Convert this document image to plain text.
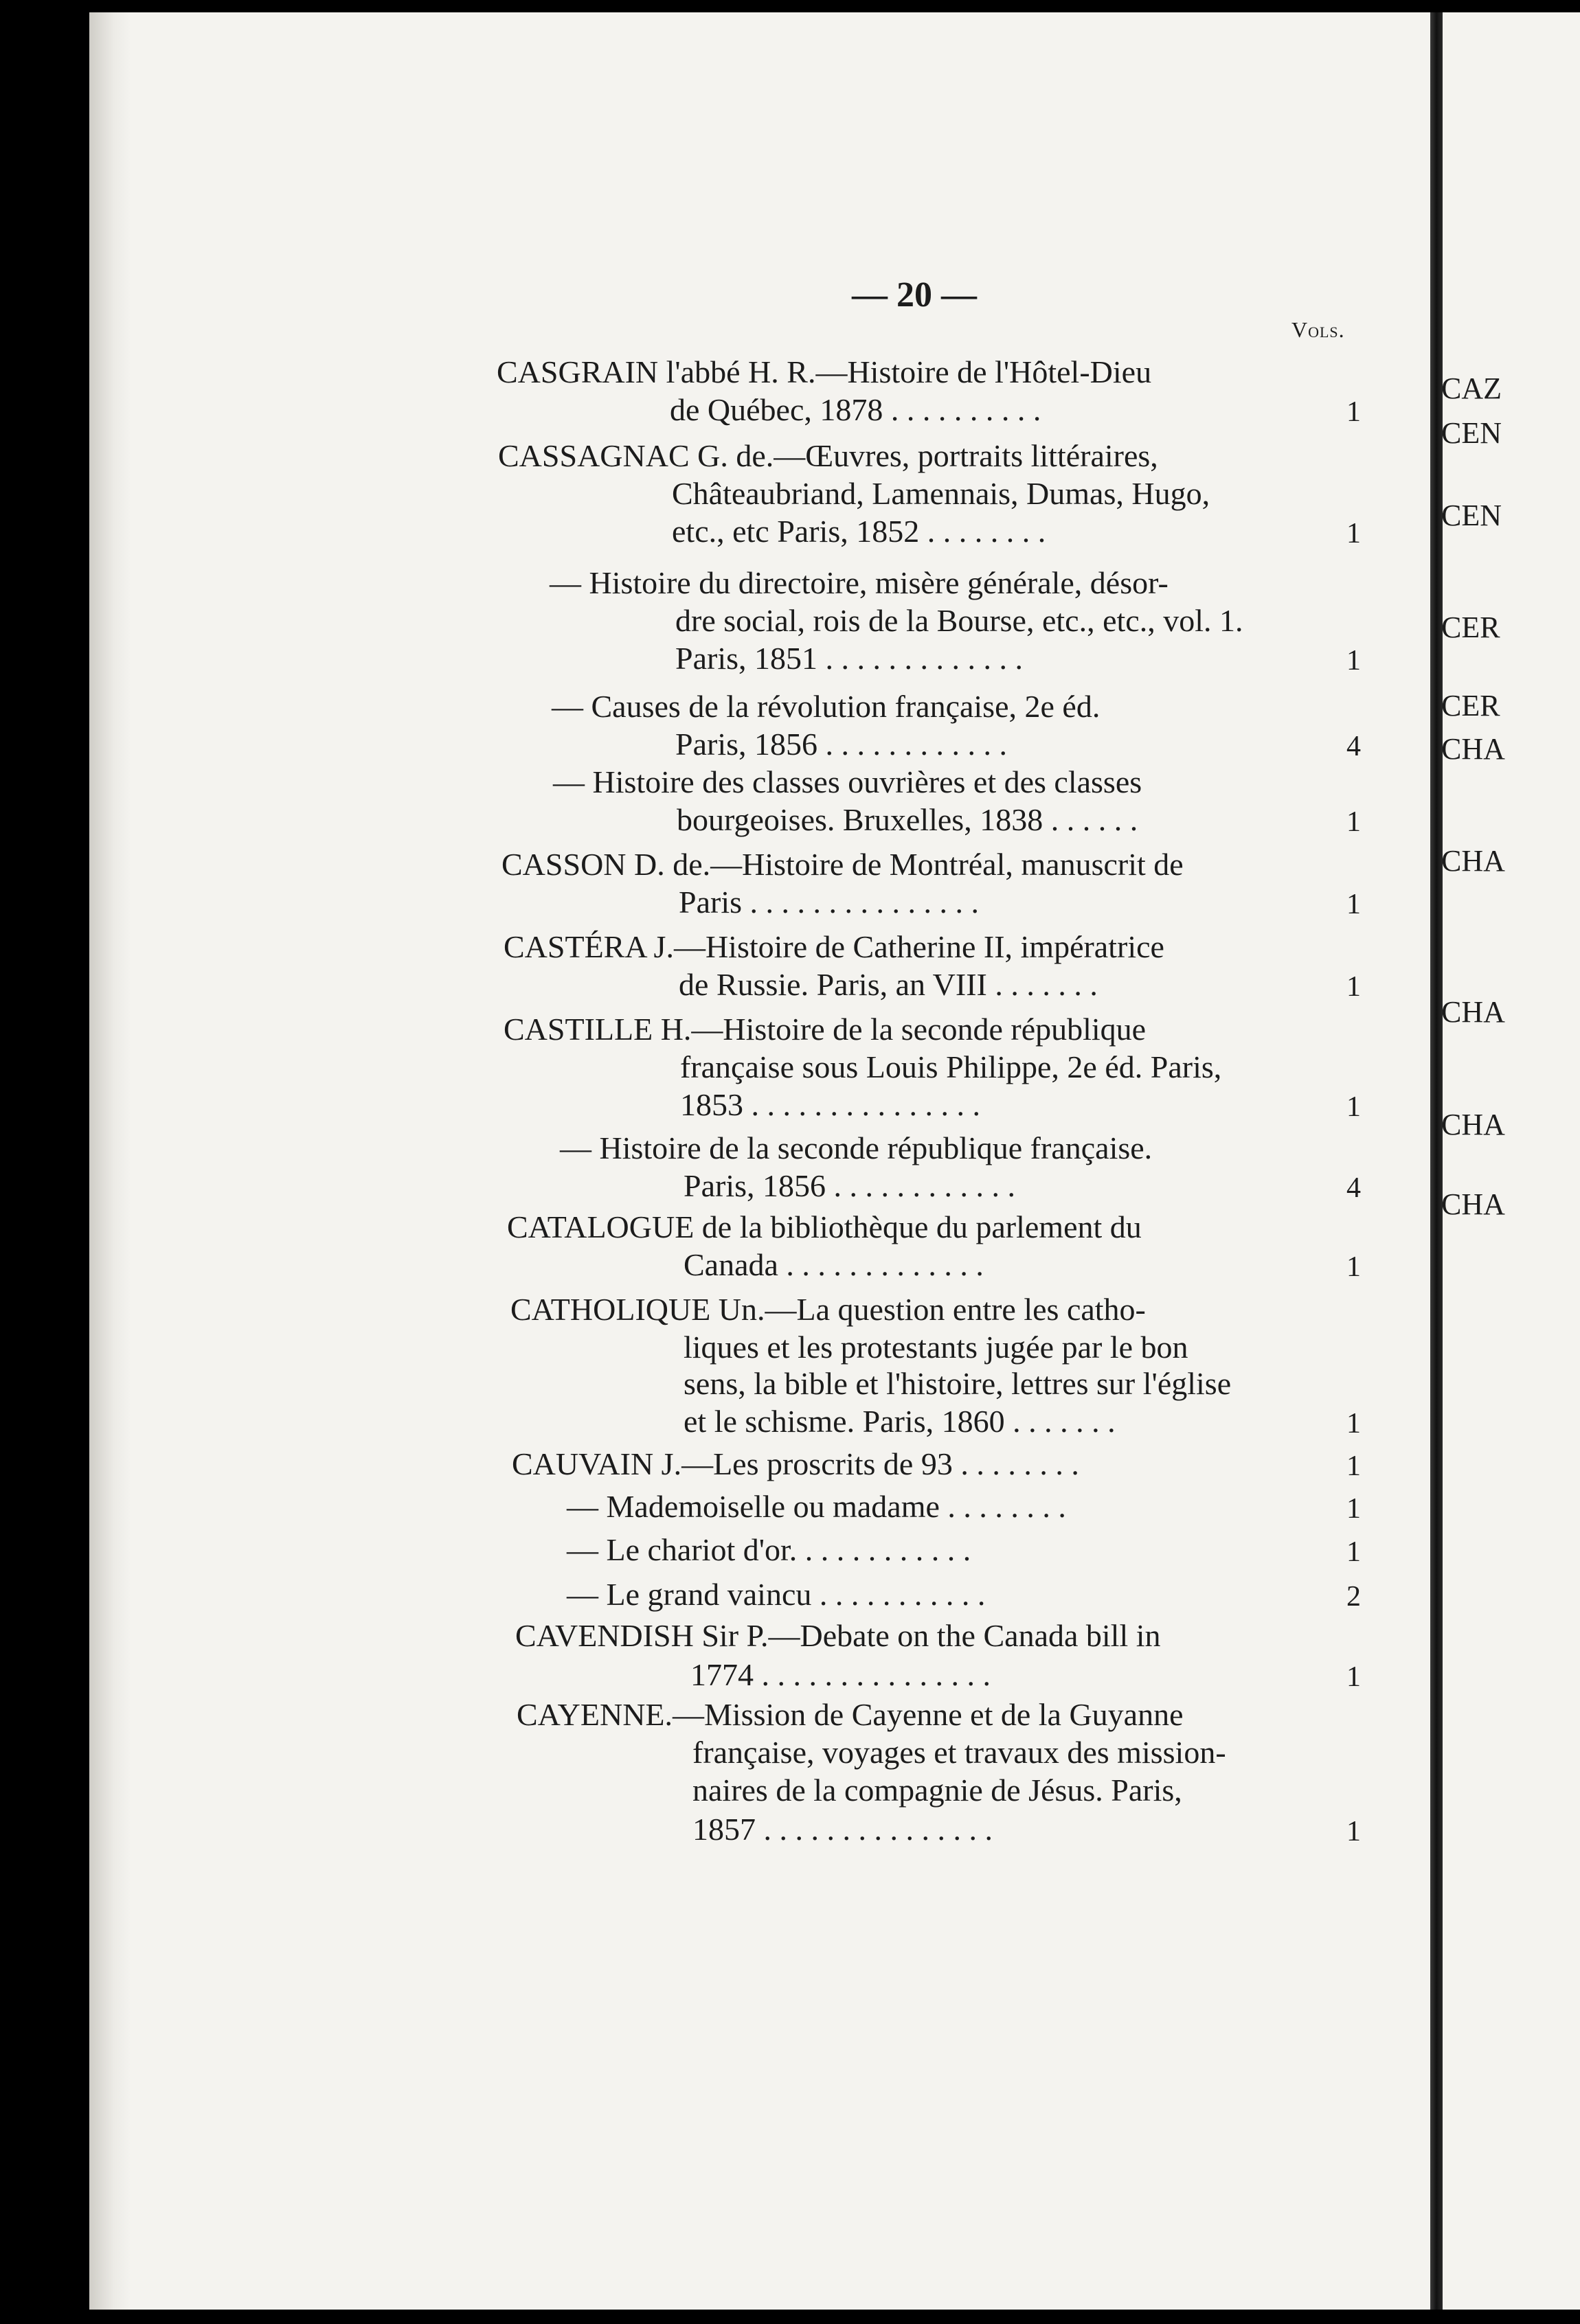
— 20 —
Vols.
CASGRAIN l'abbé H. R.—Histoire de l'Hôtel-Dieu
de Québec, 1878 . . . . . . . . . .	1
CASSAGNAC G. de.—Œuvres, portraits littéraires,
Châteaubriand, Lamennais, Dumas, Hugo,
etc., etc Paris, 1852 . . . . . . . .	1
— Histoire du directoire, misère générale, désor-
dre social, rois de la Bourse, etc., etc., vol. 1.
Paris, 1851 . . . . . . . . . . . . .	1
— Causes de la révolution française, 2e éd.
Paris, 1856 . . . . . . . . . . . .	4
— Histoire des classes ouvrières et des classes
bourgeoises. Bruxelles, 1838 . . . . . .	1
CASSON D. de.—Histoire de Montréal, manuscrit de
Paris . . . . . . . . . . . . . . .	1
CASTÉRA J.—Histoire de Catherine II, impératrice
de Russie. Paris, an VIII . . . . . . .	1
CASTILLE H.—Histoire de la seconde république
française sous Louis Philippe, 2e éd. Paris,
1853 . . . . . . . . . . . . . . .	1
— Histoire de la seconde république française.
Paris, 1856 . . . . . . . . . . . .	4
CATALOGUE de la bibliothèque du parlement du
Canada . . . . . . . . . . . . .	1
CATHOLIQUE Un.—La question entre les catho-
liques et les protestants jugée par le bon
sens, la bible et l'histoire, lettres sur l'église
et le schisme. Paris, 1860 . . . . . . .	1
CAUVAIN J.—Les proscrits de 93 . . . . . . . .	1
— Mademoiselle ou madame . . . . . . . .	1
— Le chariot d'or. . . . . . . . . . . .	1
— Le grand vaincu . . . . . . . . . . .	2
CAVENDISH Sir P.—Debate on the Canada bill in
1774 . . . . . . . . . . . . . . .	1
CAYENNE.—Mission de Cayenne et de la Guyanne
française, voyages et travaux des mission-
naires de la compagnie de Jésus. Paris,
1857 . . . . . . . . . . . . . . .	1
CAZ
CEN
CEN
CER
CER
CHA
CHA
CHA
CHA
CHA
